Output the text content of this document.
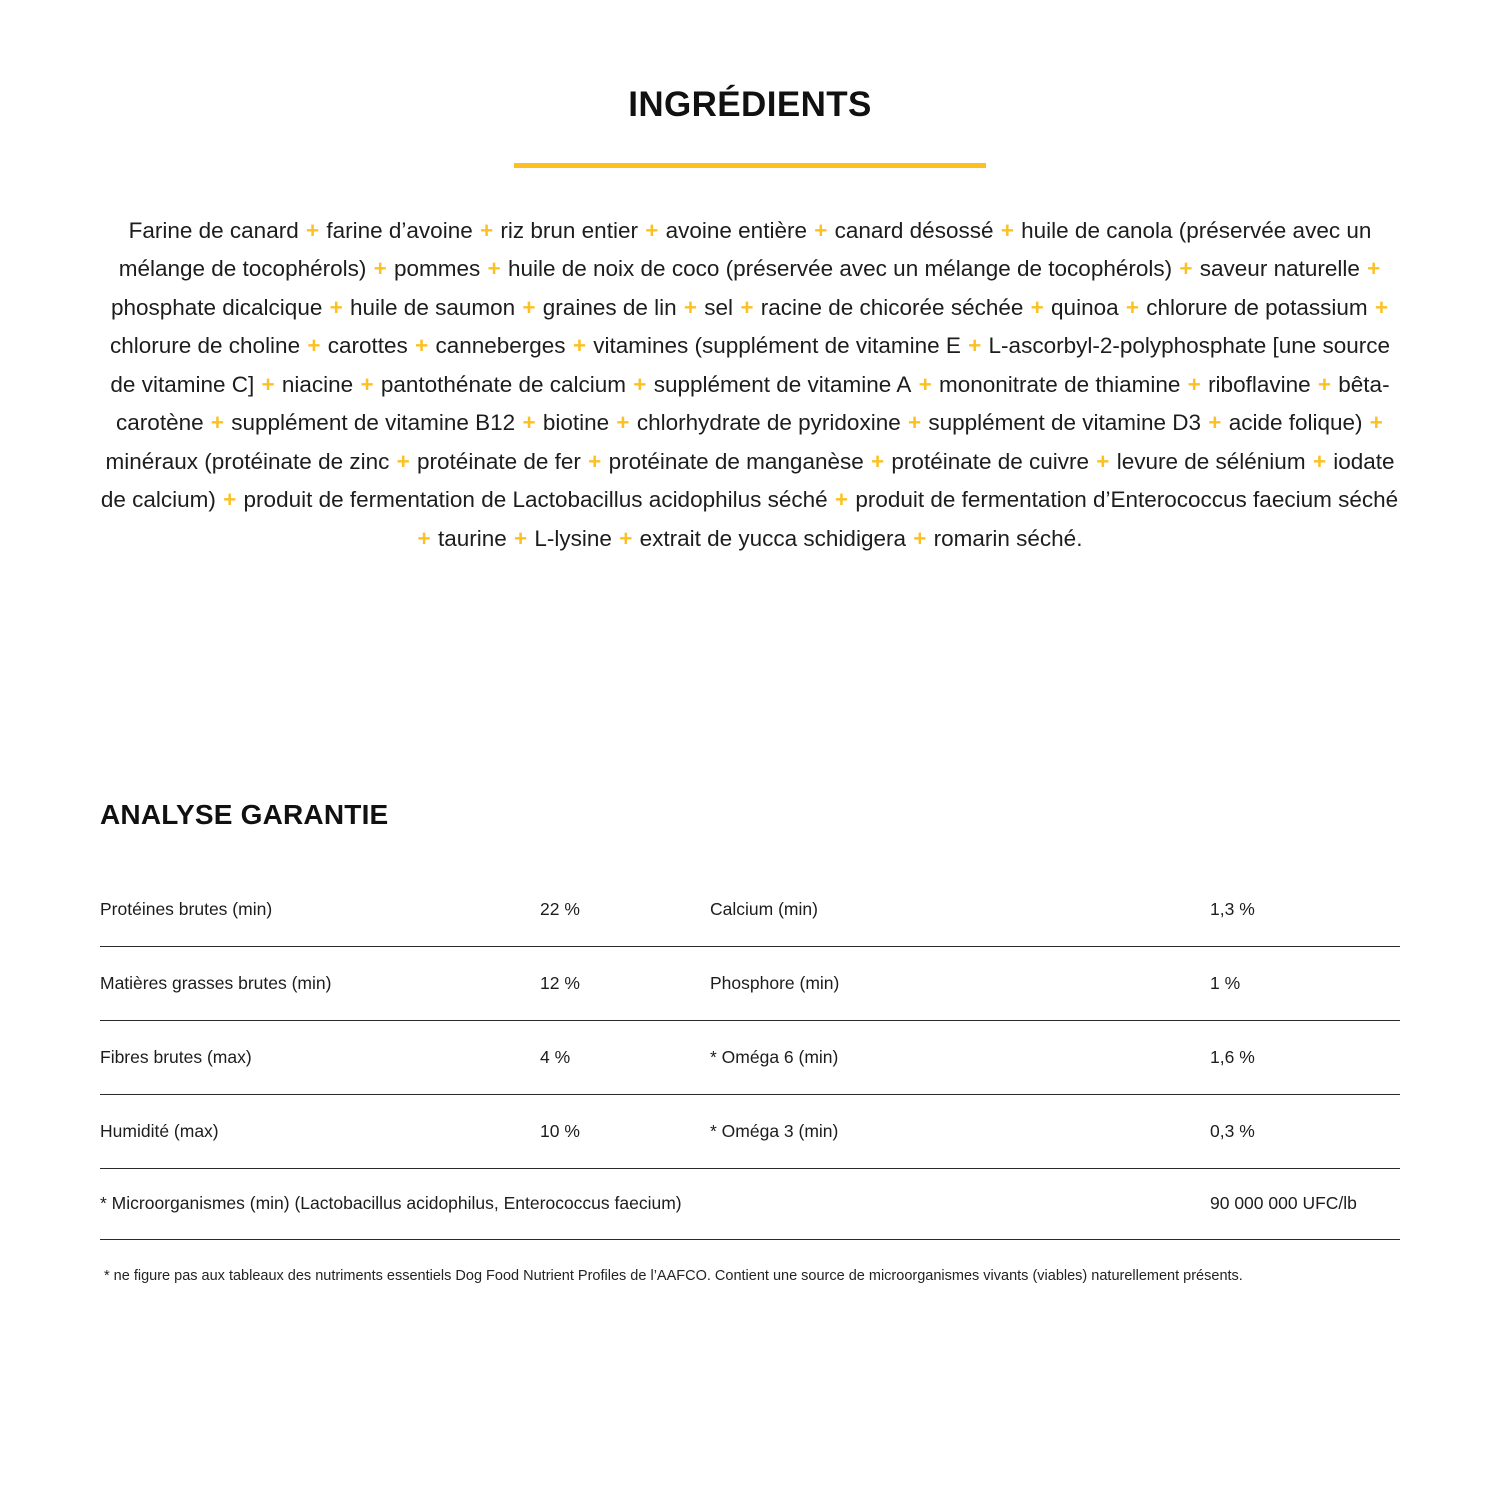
INGRÉDIENTS

Farine de canard + farine d’avoine + riz brun entier + avoine entière + canard désossé + huile de canola (préservée avec un mélange de tocophérols) + pommes + huile de noix de coco (préservée avec un mélange de tocophérols) + saveur naturelle + phosphate dicalcique + huile de saumon + graines de lin + sel + racine de chicorée séchée + quinoa + chlorure de potassium + chlorure de choline + carottes + canneberges + vitamines (supplément de vitamine E + L-ascorbyl-2-polyphosphate [une source de vitamine C] + niacine + pantothénate de calcium + supplément de vitamine A + mononitrate de thiamine + riboflavine + bêta-carotène + supplément de vitamine B12 + biotine + chlorhydrate de pyridoxine + supplément de vitamine D3 + acide folique) + minéraux (protéinate de zinc + protéinate de fer + protéinate de manganèse + protéinate de cuivre + levure de sélénium + iodate de calcium) + produit de fermentation de Lactobacillus acidophilus séché + produit de fermentation d’Enterococcus faecium séché + taurine + L-lysine + extrait de yucca schidigera + romarin séché.

ANALYSE GARANTIE
Protéines brutes (min)	22 %	Calcium (min)	1,3 %
Matières grasses brutes (min)	12 %	Phosphore (min)	1 %
Fibres brutes (max)	4 %	* Oméga 6 (min)	1,6 %
Humidité (max)	10 %	* Oméga 3 (min)	0,3 %
* Microorganismes (min) (Lactobacillus acidophilus, Enterococcus faecium)			90 000 000 UFC/lb

* ne figure pas aux tableaux des nutriments essentiels Dog Food Nutrient Profiles de l’AAFCO. Contient une source de microorganismes vivants (viables) naturellement présents.
